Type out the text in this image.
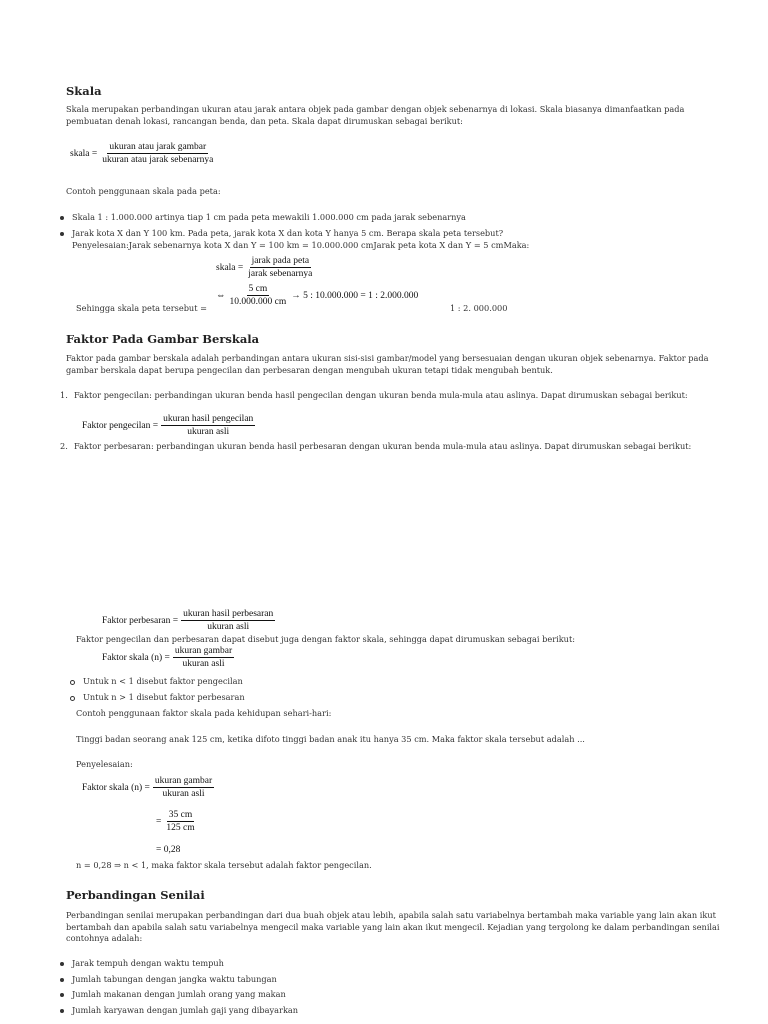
Skala
Skala merupakan perbandingan ukuran atau jarak antara objek pada gambar dengan objek sebenarnya di lokasi. Skala biasanya dimanfaatkan pada pembuatan denah lokasi, rancangan benda, dan peta. Skala dapat dirumuskan sebagai berikut:
skala = $\frac{\text{ukuran atau jarak gambar}}{\text{ukuran atau jarak sebenarnya}}$
Contoh penggunaan skala pada peta:
Skala 1 : 1.000.000 artinya tiap 1 cm pada peta mewakili 1.000.000 cm pada jarak sebenarnya
Jarak kota X dan Y 100 km. Pada peta, jarak kota X dan kota Y hanya 5 cm. Berapa skala peta tersebut?
Penyelesaian:Jarak sebenarnya kota X dan Y = 100 km = 10.000.000 cmJarak peta kota X dan Y = 5 cmMaka:
skala = $\frac{\text{jarak pada peta}}{\text{jarak sebenarnya}}$
Sehingga skala peta tersebut =
⇔ $\frac{5 cm}{10.000.000 cm} \to 5$ : 10.000.000 = 1 : 2.000.000
1 : 2. 000.000
Faktor Pada Gambar Berskala
Faktor pada gambar berskala adalah perbandingan antara ukuran sisi-sisi gambar/model yang bersesuaian dengan ukuran objek sebenarnya. Faktor pada gambar berskala dapat berupa pengecilan dan perbesaran dengan mengubah ukuran tetapi tidak mengubah bentuk.
1. Faktor pengecilan: perbandingan ukuran benda hasil pengecilan dengan ukuran benda mula-mula atau aslinya. Dapat dirumuskan sebagai berikut:
Faktor pengecilan = $\frac{\text{ukuran hasil pengecilan}}{\text{ukuran asli}}$
2. Faktor perbesaran: perbandingan ukuran benda hasil perbesaran dengan ukuran benda mula-mula atau aslinya. Dapat dirumuskan sebagai berikut:
Faktor perbesaran = $\frac{\text{ukuran hasil perbesaran}}{\text{ukuran asli}}$
Faktor pengecilan dan perbesaran dapat disebut juga dengan faktor skala, sehingga dapat dirumuskan sebagai berikut:
Faktor skala $(n) = \frac{\text{ukuran gambar}}{\text{ukuran asli}}$
Untuk n < 1 disebut faktor pengecilan
Untuk n > 1 disebut faktor perbesaran
Contoh penggunaan faktor skala pada kehidupan sehari-hari:
Tinggi badan seorang anak 125 cm, ketika difoto tinggi badan anak itu hanya 35 cm. Maka faktor skala tersebut adalah ...
Penyelesaian:
Faktor skala $(n) = \frac{\text{ukuran gambar}}{\text{ukuran asli}}$
= $\frac{35 cm}{125 cm}$
= 0,28
n = 0,28 ⇒ n < 1, maka faktor skala tersebut adalah faktor pengecilan.
Perbandingan Senilai
Perbandingan senilai merupakan perbandingan dari dua buah objek atau lebih, apabila salah satu variabelnya bertambah maka variable yang lain akan ikut bertambah dan apabila salah satu variabelnya mengecil maka variable yang lain akan ikut mengecil. Kejadian yang tergolong ke dalam perbandingan senilai contohnya adalah:
Jarak tempuh dengan waktu tempuh
Jumlah tabungan dengan jangka waktu tabungan
Jumlah makanan dengan jumlah orang yang makan
Jumlah karyawan dengan jumlah gaji yang dibayarkan
